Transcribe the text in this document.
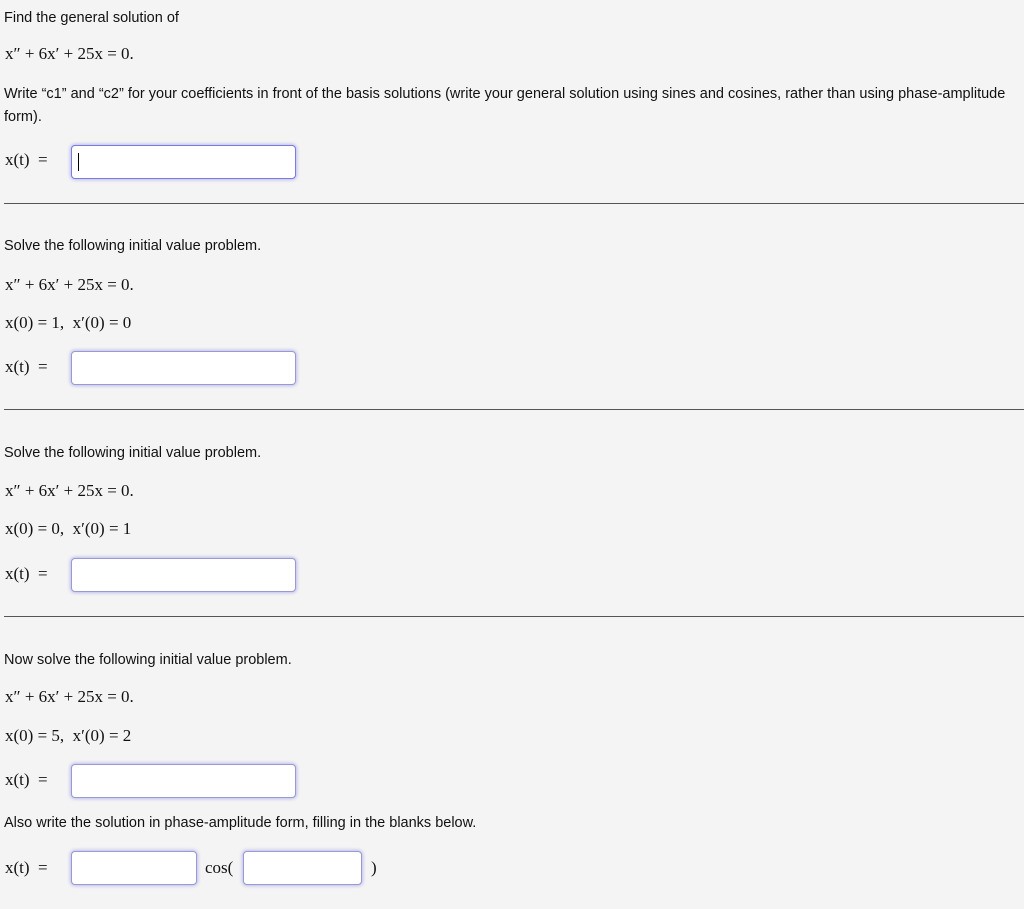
Find the general solution of

x″ + 6x′ + 25x = 0.

Write “c1” and “c2” for your coefficients in front of the basis solutions (write your general solution using sines and cosines, rather than using phase-amplitude form).

x(t)  =

Solve the following initial value problem.

x″ + 6x′ + 25x = 0.
x(0) = 1,  x′(0) = 0
x(t)  =

Solve the following initial value problem.

x″ + 6x′ + 25x = 0.
x(0) = 0,  x′(0) = 1
x(t)  =

Now solve the following initial value problem.

x″ + 6x′ + 25x = 0.
x(0) = 5,  x′(0) = 2
x(t)  =

Also write the solution in phase-amplitude form, filling in the blanks below.

x(t)  =	cos(	)
